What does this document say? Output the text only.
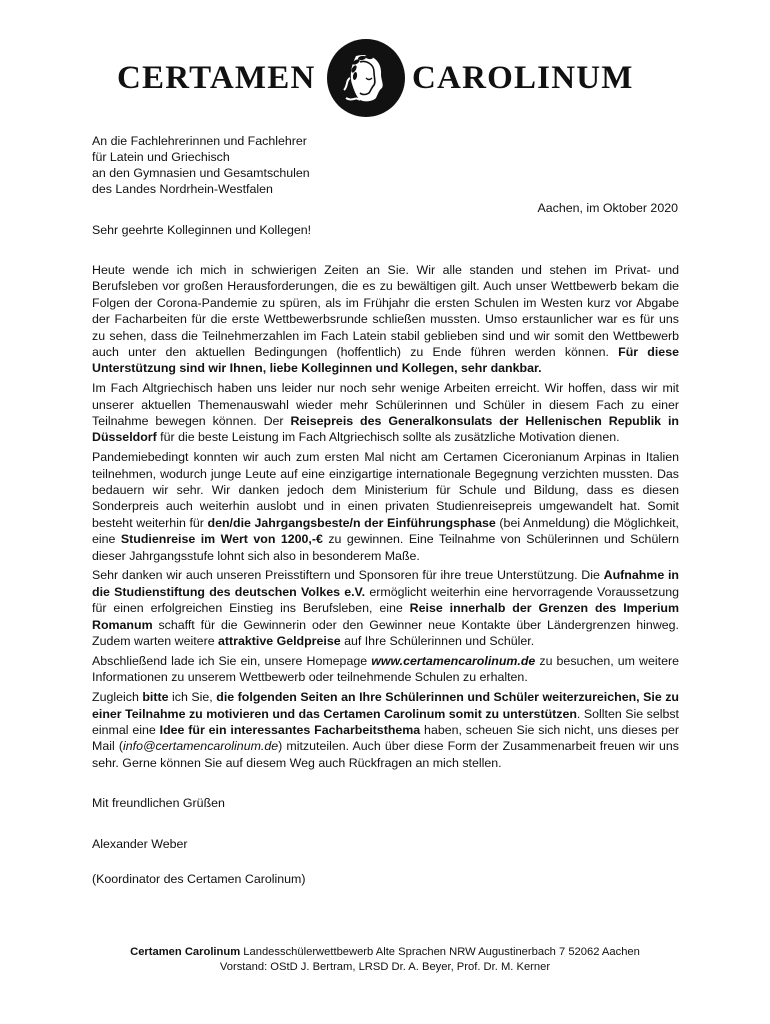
CERTAMEN	CAROLINUM
An die Fachlehrerinnen und Fachlehrer
für Latein und Griechisch
an den Gymnasien und Gesamtschulen
des Landes Nordrhein-Westfalen
Aachen, im Oktober 2020
Sehr geehrte Kolleginnen und Kollegen!

Heute wende ich mich in schwierigen Zeiten an Sie. Wir alle standen und stehen im Privat- und Berufsleben vor großen Herausforderungen, die es zu bewältigen gilt. Auch unser Wettbewerb bekam die Folgen der Corona-Pandemie zu spüren, als im Frühjahr die ersten Schulen im Westen kurz vor Abgabe der Facharbeiten für die erste Wettbewerbsrunde schließen mussten. Umso erstaunlicher war es für uns zu sehen, dass die Teilnehmerzahlen im Fach Latein stabil geblieben sind und wir somit den Wettbewerb auch unter den aktuellen Bedingungen (hoffentlich) zu Ende führen werden können. Für diese Unterstützung sind wir Ihnen, liebe Kolleginnen und Kollegen, sehr dankbar.

Im Fach Altgriechisch haben uns leider nur noch sehr wenige Arbeiten erreicht. Wir hoffen, dass wir mit unserer aktuellen Themenauswahl wieder mehr Schülerinnen und Schüler in diesem Fach zu einer Teilnahme bewegen können. Der Reisepreis des Generalkonsulats der Hellenischen Republik in Düsseldorf für die beste Leistung im Fach Altgriechisch sollte als zusätzliche Motivation dienen.

Pandemiebedingt konnten wir auch zum ersten Mal nicht am Certamen Ciceronianum Arpinas in Italien teilnehmen, wodurch junge Leute auf eine einzigartige internationale Begegnung verzichten mussten. Das bedauern wir sehr. Wir danken jedoch dem Ministerium für Schule und Bildung, dass es diesen Sonderpreis auch weiterhin auslobt und in einen privaten Studienreisepreis umgewandelt hat. Somit besteht weiterhin für den/die Jahrgangsbeste/n der Einführungsphase (bei Anmeldung) die Möglichkeit, eine Studienreise im Wert von 1200,-€ zu gewinnen. Eine Teilnahme von Schülerinnen und Schülern dieser Jahrgangsstufe lohnt sich also in besonderem Maße.

Sehr danken wir auch unseren Preisstiftern und Sponsoren für ihre treue Unterstützung. Die Aufnahme in die Studienstiftung des deutschen Volkes e.V. ermöglicht weiterhin eine hervorragende Voraussetzung für einen erfolgreichen Einstieg ins Berufsleben, eine Reise innerhalb der Grenzen des Imperium Romanum schafft für die Gewinnerin oder den Gewinner neue Kontakte über Ländergrenzen hinweg. Zudem warten weitere attraktive Geldpreise auf Ihre Schülerinnen und Schüler.

Abschließend lade ich Sie ein, unsere Homepage www.certamencarolinum.de zu besuchen, um weitere Informationen zu unserem Wettbewerb oder teilnehmende Schulen zu erhalten.

Zugleich bitte ich Sie, die folgenden Seiten an Ihre Schülerinnen und Schüler weiterzureichen, Sie zu einer Teilnahme zu motivieren und das Certamen Carolinum somit zu unterstützen. Sollten Sie selbst einmal eine Idee für ein interessantes Facharbeitsthema haben, scheuen Sie sich nicht, uns dieses per Mail (info@certamencarolinum.de) mitzuteilen. Auch über diese Form der Zusammenarbeit freuen wir uns sehr. Gerne können Sie auf diesem Weg auch Rückfragen an mich stellen.

Mit freundlichen Grüßen
Alexander Weber
(Koordinator des Certamen Carolinum)
Certamen Carolinum Landesschülerwettbewerb Alte Sprachen NRW Augustinerbach 7 52062 Aachen
Vorstand: OStD J. Bertram, LRSD Dr. A. Beyer, Prof. Dr. M. Kerner
